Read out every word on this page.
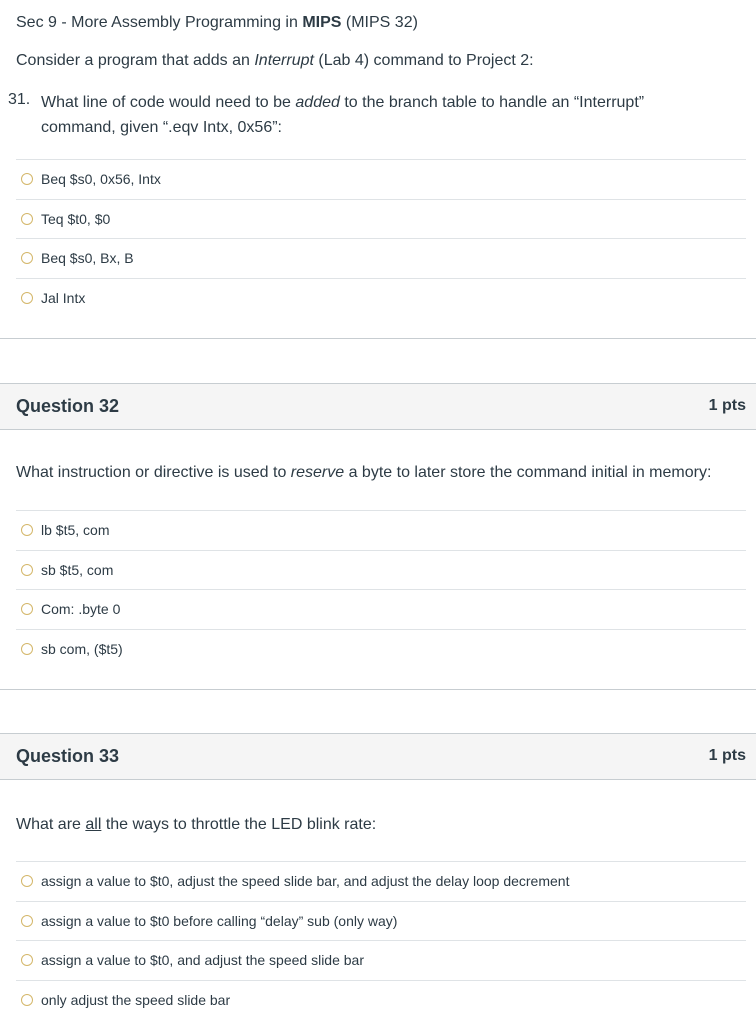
Sec 9 - More Assembly Programming in MIPS (MIPS 32)
Consider a program that adds an Interrupt (Lab 4) command to Project 2:
31. What line of code would need to be added to the branch table to handle an “Interrupt” command, given “.eqv Intx, 0x56”:
Beq $s0, 0x56, Intx
Teq $t0, $0
Beq $s0, Bx, B
Jal Intx
Question 32	1 pts
What instruction or directive is used to reserve a byte to later store the command initial in memory:
lb $t5, com
sb $t5, com
Com: .byte 0
sb com, ($t5)
Question 33	1 pts
What are all the ways to throttle the LED blink rate:
assign a value to $t0, adjust the speed slide bar, and adjust the delay loop decrement
assign a value to $t0 before calling “delay” sub (only way)
assign a value to $t0, and adjust the speed slide bar
only adjust the speed slide bar
